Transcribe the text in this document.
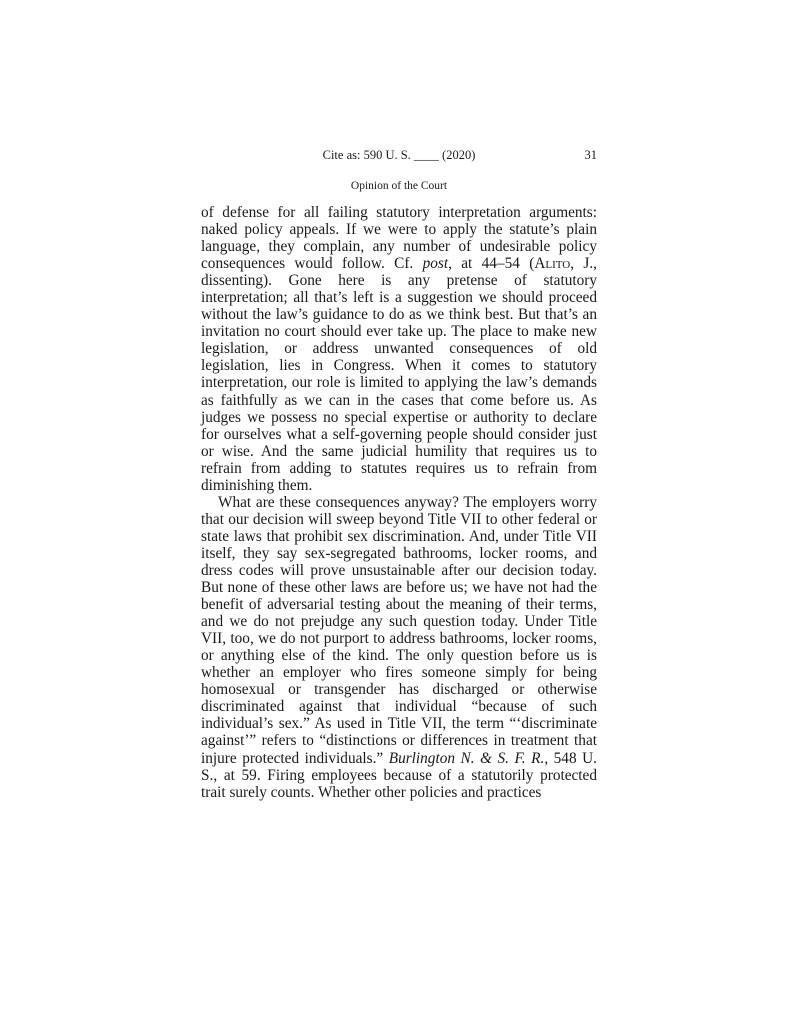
Cite as: 590 U. S. ____ (2020)	31
Opinion of the Court

of defense for all failing statutory interpretation arguments: naked policy appeals. If we were to apply the statute’s plain language, they complain, any number of undesirable policy consequences would follow. Cf. post, at 44–54 (Alito, J., dissenting). Gone here is any pretense of statutory interpretation; all that’s left is a suggestion we should proceed without the law’s guidance to do as we think best. But that’s an invitation no court should ever take up. The place to make new legislation, or address unwanted consequences of old legislation, lies in Congress. When it comes to statutory interpretation, our role is limited to applying the law’s demands as faithfully as we can in the cases that come before us. As judges we possess no special expertise or authority to declare for ourselves what a self-governing people should consider just or wise. And the same judicial humility that requires us to refrain from adding to statutes requires us to refrain from diminishing them.

What are these consequences anyway? The employers worry that our decision will sweep beyond Title VII to other federal or state laws that prohibit sex discrimination. And, under Title VII itself, they say sex-segregated bathrooms, locker rooms, and dress codes will prove unsustainable after our decision today. But none of these other laws are before us; we have not had the benefit of adversarial testing about the meaning of their terms, and we do not prejudge any such question today. Under Title VII, too, we do not purport to address bathrooms, locker rooms, or anything else of the kind. The only question before us is whether an employer who fires someone simply for being homosexual or transgender has discharged or otherwise discriminated against that individual “because of such individual’s sex.” As used in Title VII, the term “‘discriminate against’” refers to “distinctions or differences in treatment that injure protected individuals.” Burlington N. & S. F. R., 548 U. S., at 59. Firing employees because of a statutorily protected trait surely counts. Whether other policies and practices
